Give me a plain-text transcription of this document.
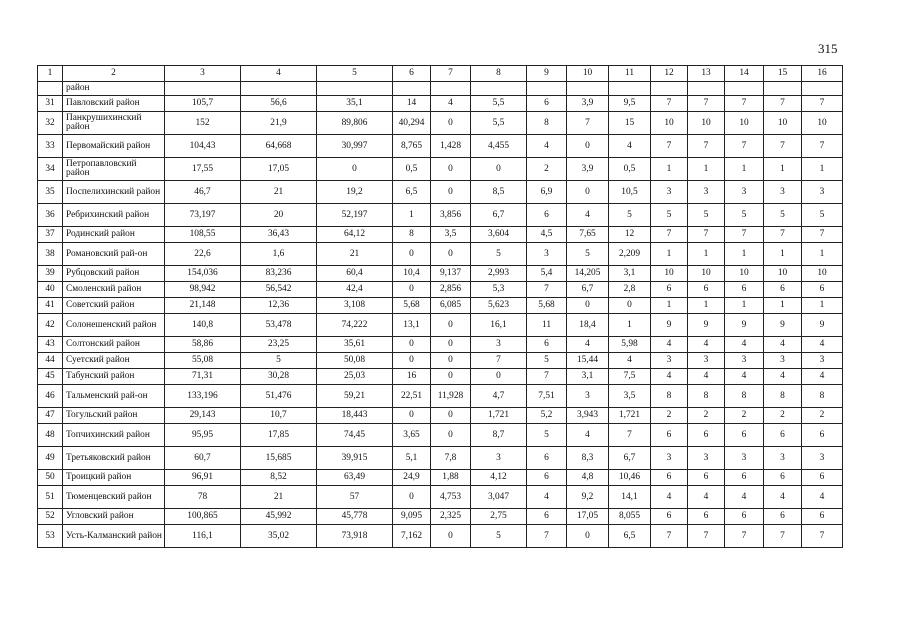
315
1	2	3	4	5	6	7	8	9	10	11	12	13	14	15	16
	район														
31	Павловский район	105,7	56,6	35,1	14	4	5,5	6	3,9	9,5	7	7	7	7	7
32	Панкрушихинский район	152	21,9	89,806	40,294	0	5,5	8	7	15	10	10	10	10	10
33	Первомайский район	104,43	64,668	30,997	8,765	1,428	4,455	4	0	4	7	7	7	7	7
34	Петропавловский район	17,55	17,05	0	0,5	0	0	2	3,9	0,5	1	1	1	1	1
35	Поспелихинский район	46,7	21	19,2	6,5	0	8,5	6,9	0	10,5	3	3	3	3	3
36	Ребрихинский район	73,197	20	52,197	1	3,856	6,7	6	4	5	5	5	5	5	5
37	Родинский район	108,55	36,43	64,12	8	3,5	3,604	4,5	7,65	12	7	7	7	7	7
38	Романовский рай-он	22,6	1,6	21	0	0	5	3	5	2,209	1	1	1	1	1
39	Рубцовский район	154,036	83,236	60,4	10,4	9,137	2,993	5,4	14,205	3,1	10	10	10	10	10
40	Смоленский район	98,942	56,542	42,4	0	2,856	5,3	7	6,7	2,8	6	6	6	6	6
41	Советский район	21,148	12,36	3,108	5,68	6,085	5,623	5,68	0	0	1	1	1	1	1
42	Солонешенский район	140,8	53,478	74,222	13,1	0	16,1	11	18,4	1	9	9	9	9	9
43	Солтонский район	58,86	23,25	35,61	0	0	3	6	4	5,98	4	4	4	4	4
44	Суетский район	55,08	5	50,08	0	0	7	5	15,44	4	3	3	3	3	3
45	Табунский район	71,31	30,28	25,03	16	0	0	7	3,1	7,5	4	4	4	4	4
46	Тальменский рай-он	133,196	51,476	59,21	22,51	11,928	4,7	7,51	3	3,5	8	8	8	8	8
47	Тогульский район	29,143	10,7	18,443	0	0	1,721	5,2	3,943	1,721	2	2	2	2	2
48	Топчихинский район	95,95	17,85	74,45	3,65	0	8,7	5	4	7	6	6	6	6	6
49	Третьяковский район	60,7	15,685	39,915	5,1	7,8	3	6	8,3	6,7	3	3	3	3	3
50	Троицкий район	96,91	8,52	63,49	24,9	1,88	4,12	6	4,8	10,46	6	6	6	6	6
51	Тюменцевский район	78	21	57	0	4,753	3,047	4	9,2	14,1	4	4	4	4	4
52	Угловский район	100,865	45,992	45,778	9,095	2,325	2,75	6	17,05	8,055	6	6	6	6	6
53	Усть-Калманский район	116,1	35,02	73,918	7,162	0	5	7	0	6,5	7	7	7	7	7
